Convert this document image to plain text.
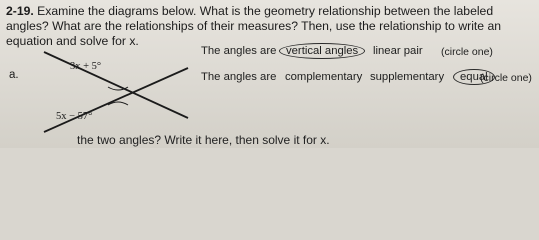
2-19. Examine the diagrams below. What is the geometry relationship between the labeled angles? What are the relationships of their measures? Then, use the relationship to write an equation and solve for x.
a.
3x + 5°
5x − 57°
The angles are vertical angles	linear pair (circle one)
The angles are complementary supplementary equal
(circle one)
the two angles? Write it here, then solve it for x.
